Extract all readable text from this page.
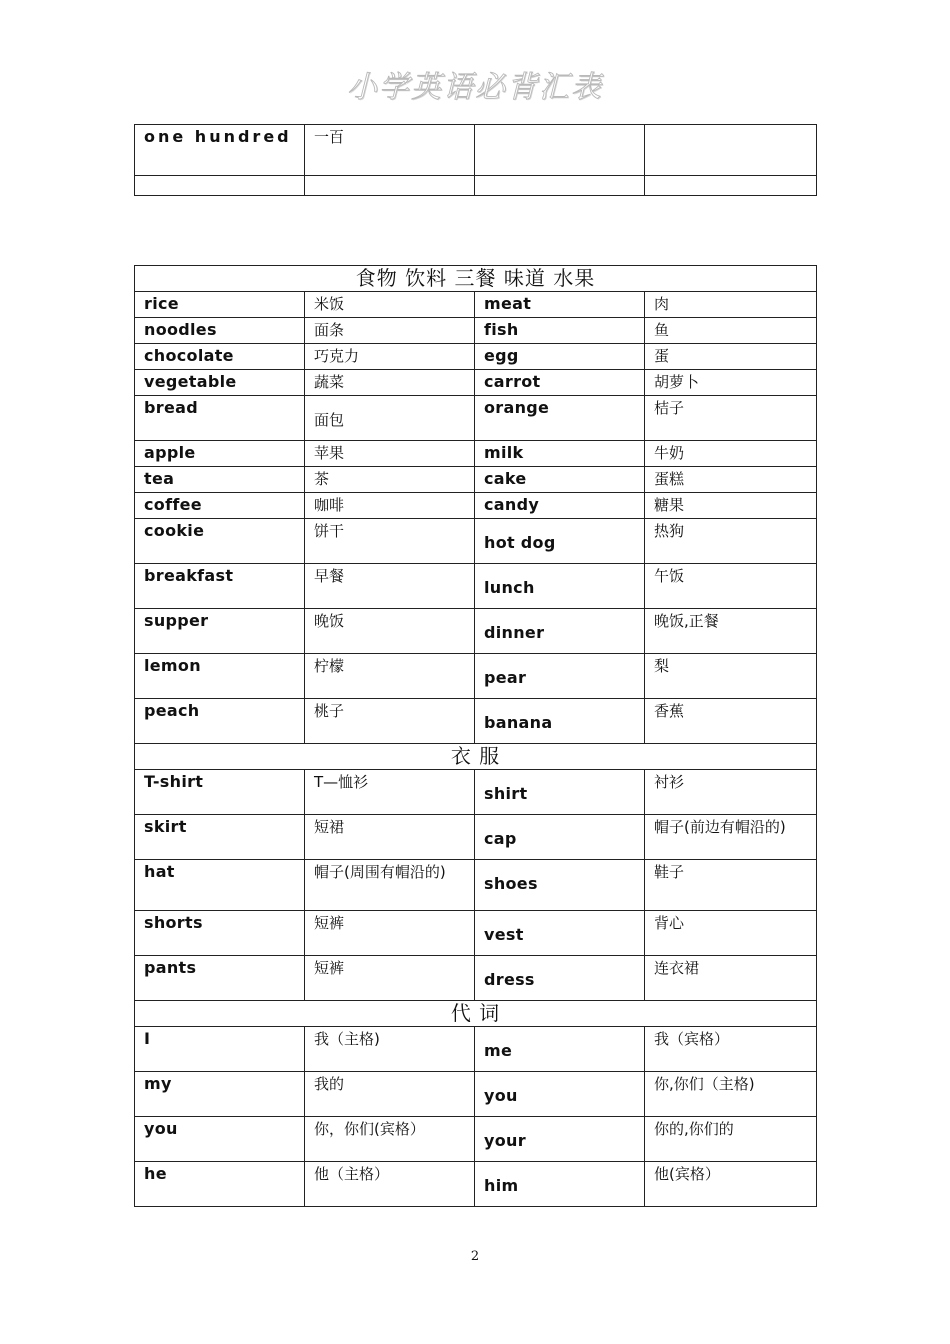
小学英语必背汇表
one hundred	一百		

食物 饮料 三餐 味道 水果			
rice	米饭	meat	肉
noodles	面条	fish	鱼
chocolate	巧克力	egg	蛋
vegetable	蔬菜	carrot	胡萝卜
bread	面包	orange	桔子
apple	苹果	milk	牛奶
tea	茶	cake	蛋糕
coffee	咖啡	candy	糖果
cookie	饼干	hot dog	热狗
breakfast	早餐	lunch	午饭
supper	晚饭	dinner	晚饭,正餐
lemon	柠檬	pear	梨
peach	桃子	banana	香蕉
衣 服			
T-shirt	T—恤衫	shirt	衬衫
skirt	短裙	cap	帽子(前边有帽沿的)
hat	帽子(周围有帽沿的)	shoes	鞋子
shorts	短裤	vest	背心
pants	短裤	dress	连衣裙
代 词			
I	我（主格)	me	我（宾格）
my	我的	you	你,你们（主格)
you	你，你们(宾格）	your	你的,你们的
he	他（主格）	him	他(宾格）
2
